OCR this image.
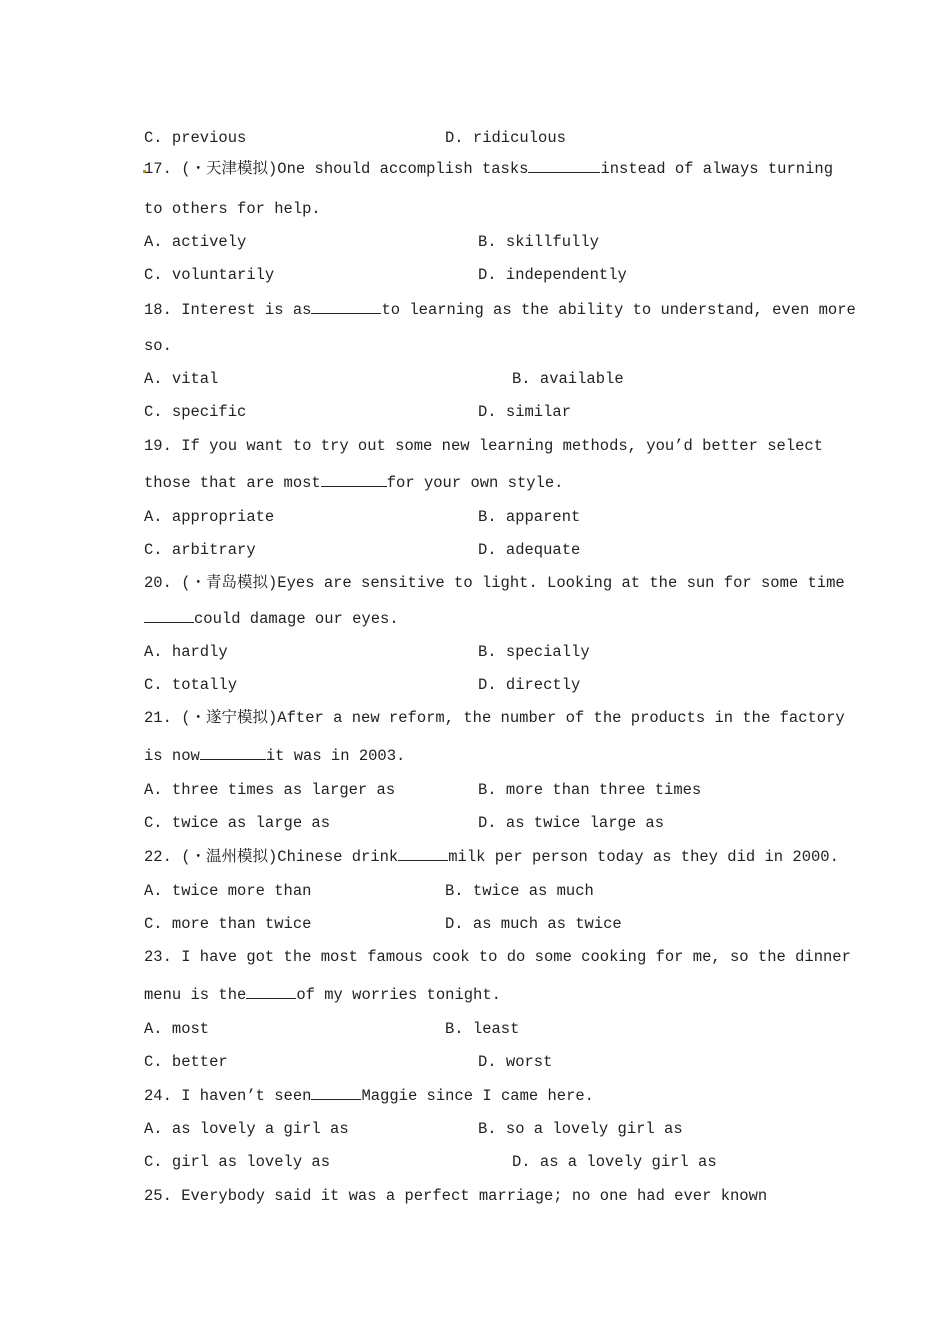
C. previous	D. ridiculous
17. (・天津模拟)One should accomplish tasks	instead of always turning
to others for help.
A. actively	B. skillfully
C. voluntarily	D. independently
18. Interest is as	to learning as the ability to understand, even more
so.
A. vital	B. available
C. specific	D. similar
19. If you want to try out some new learning methods, you’d better select
those that are most	for your own style.
A. appropriate	B. apparent
C. arbitrary	D. adequate
20. (・青岛模拟)Eyes are sensitive to light. Looking at the sun for some time
could damage our eyes.
A. hardly	B. specially
C. totally	D. directly
21. (・遂宁模拟)After a new reform, the number of the products in the factory
is now	it was in 2003.
A. three times as larger as	B. more than three times
C. twice as large as	D. as twice large as
22. (・温州模拟)Chinese drink	milk per person today as they did in 2000.
A. twice more than	B. twice as much
C. more than twice	D. as much as twice
23. I have got the most famous cook to do some cooking for me, so the dinner
menu is the	of my worries tonight.
A. most	B. least
C. better	D. worst
24. I haven’t seen	Maggie since I came here.
A. as lovely a girl as	B. so a lovely girl as
C. girl as lovely as	D. as a lovely girl as
25. Everybody said it was a perfect marriage; no one had ever known
